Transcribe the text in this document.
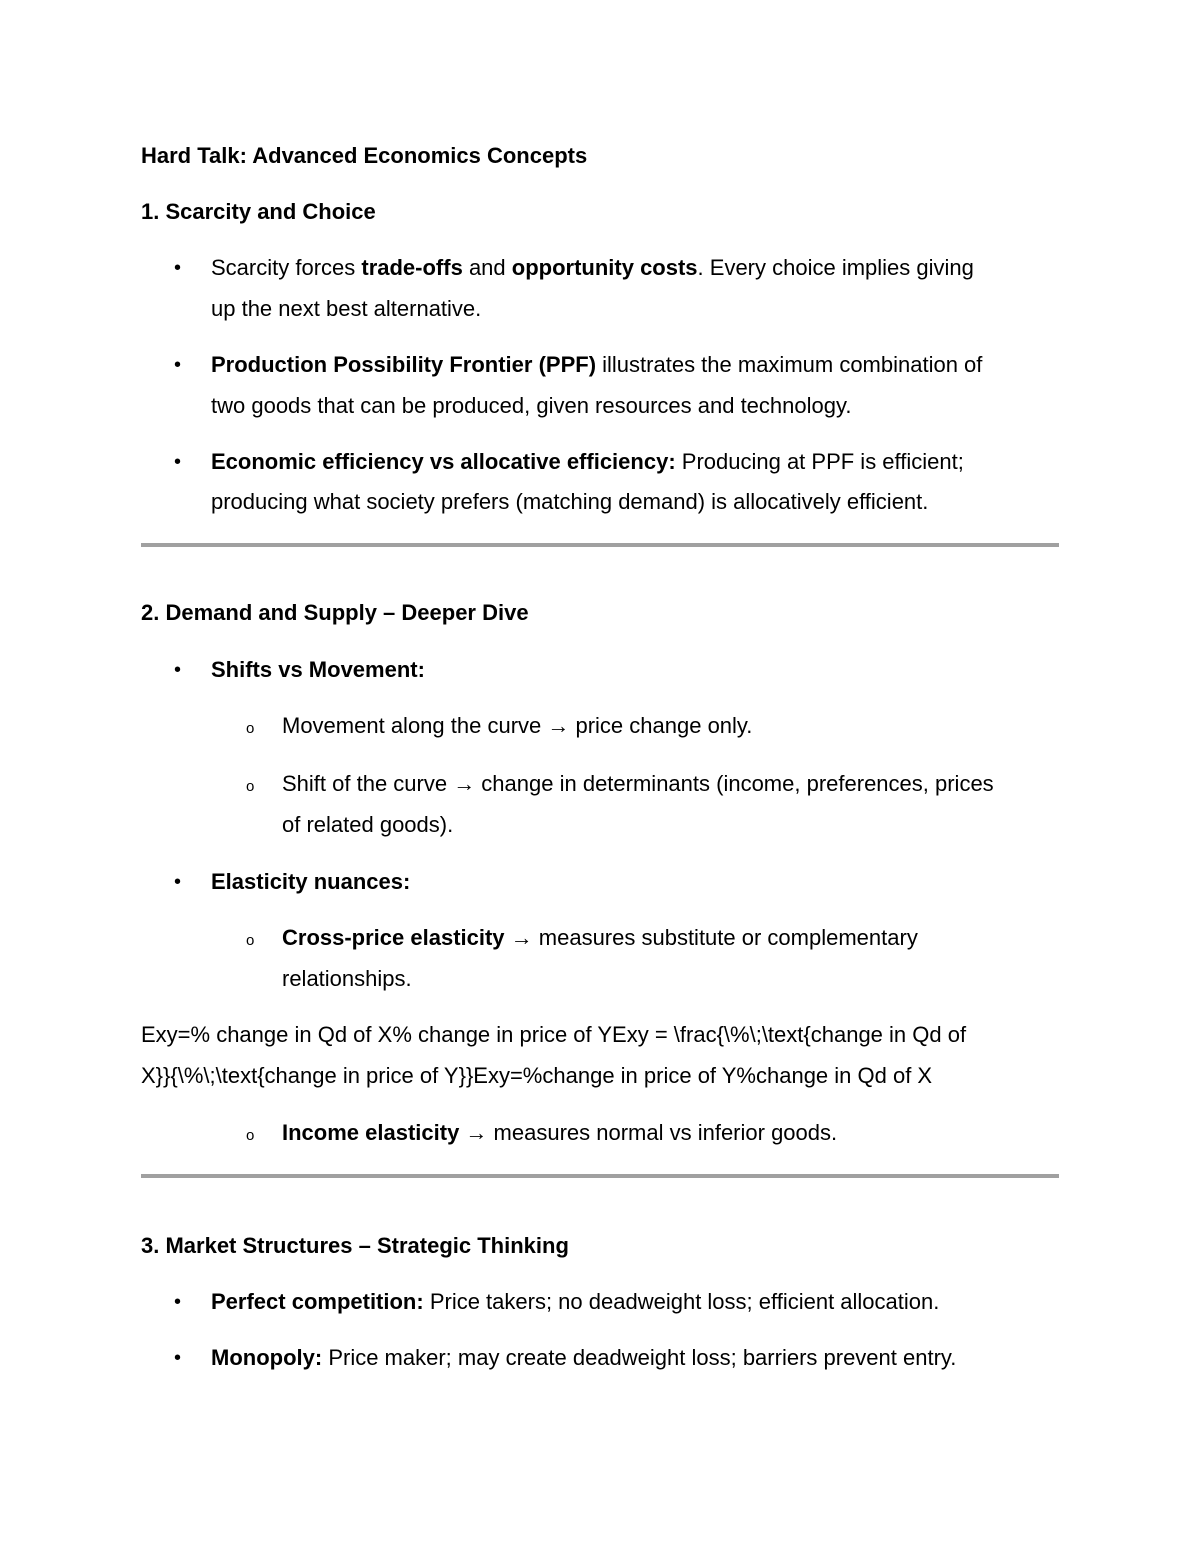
Hard Talk: Advanced Economics Concepts
1. Scarcity and Choice
• Scarcity forces trade-offs and opportunity costs. Every choice implies giving
up the next best alternative.
• Production Possibility Frontier (PPF) illustrates the maximum combination of
two goods that can be produced, given resources and technology.
• Economic efficiency vs allocative efficiency: Producing at PPF is efficient;
producing what society prefers (matching demand) is allocatively efficient.
2. Demand and Supply – Deeper Dive
• Shifts vs Movement:
o Movement along the curve → price change only.
o Shift of the curve → change in determinants (income, preferences, prices
of related goods).
• Elasticity nuances:
o Cross-price elasticity → measures substitute or complementary
relationships.
Exy=% change in Qd of X% change in price of YExy = \frac{\%\;\text{change in Qd of
X}}{\%\;\text{change in price of Y}}Exy=%change in price of Y%change in Qd of X
o Income elasticity → measures normal vs inferior goods.
3. Market Structures – Strategic Thinking
• Perfect competition: Price takers; no deadweight loss; efficient allocation.
• Monopoly: Price maker; may create deadweight loss; barriers prevent entry.
